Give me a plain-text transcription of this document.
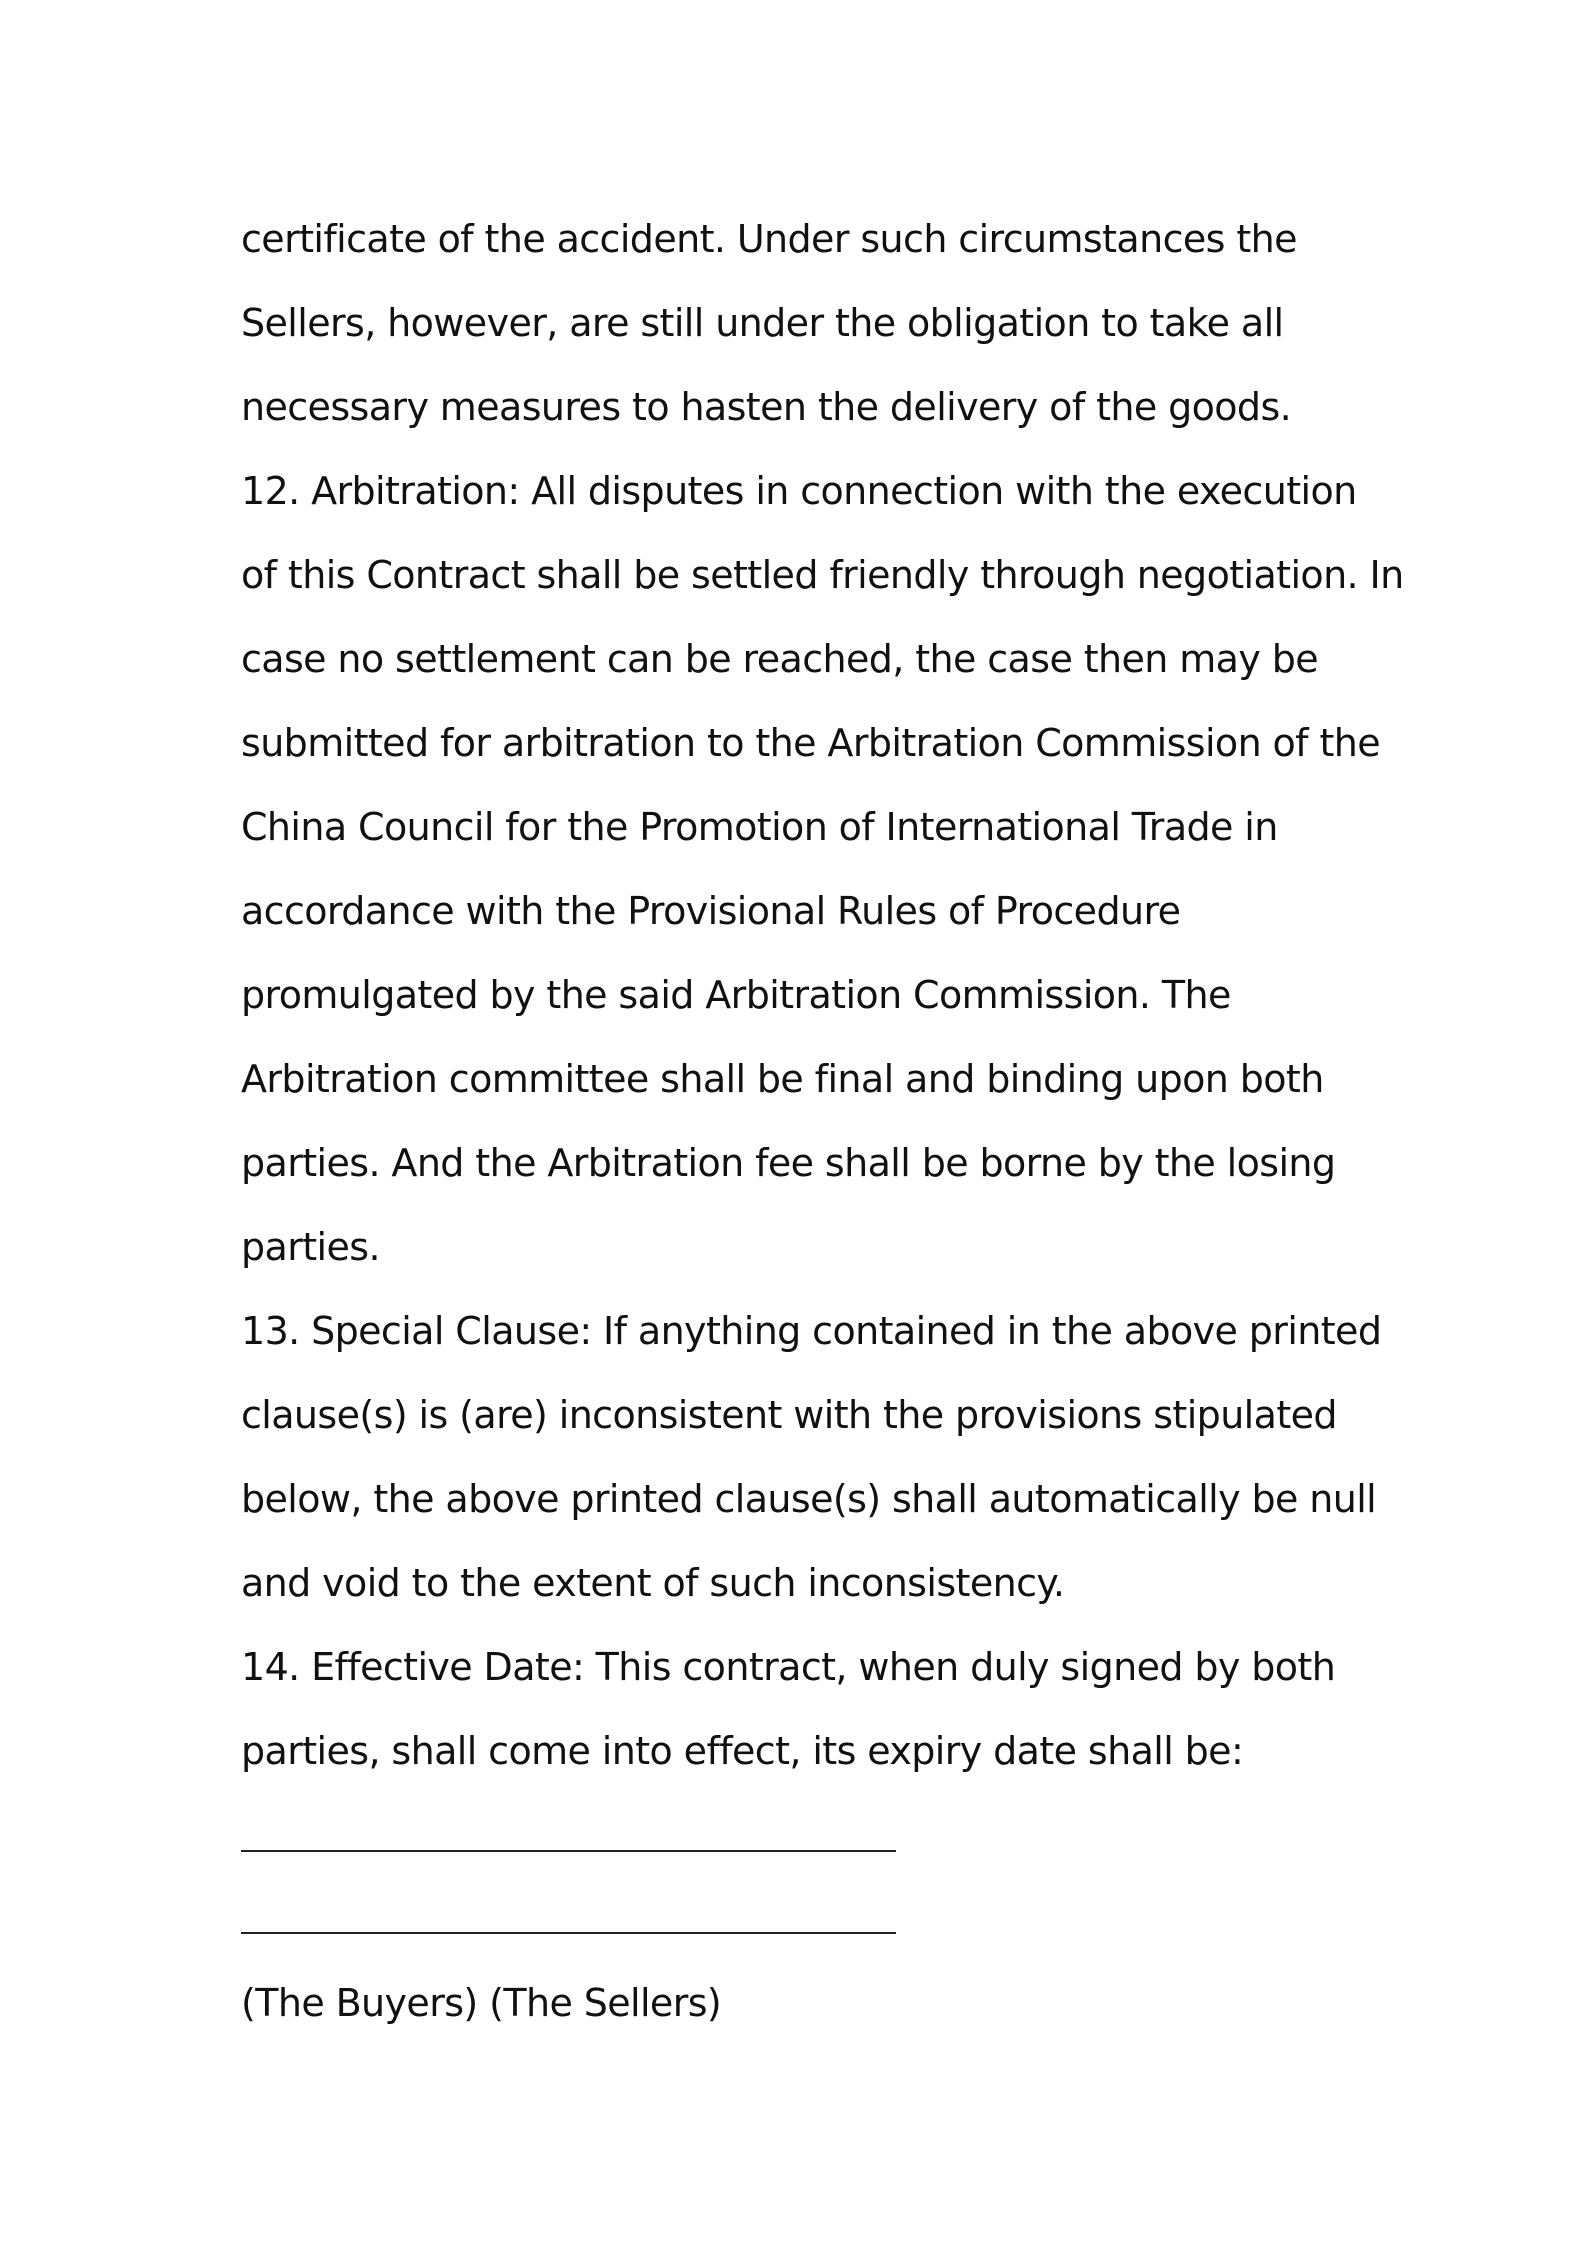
certificate of the accident. Under such circumstances the
Sellers, however, are still under the obligation to take all
necessary measures to hasten the delivery of the goods.
12. Arbitration: All disputes in connection with the execution
of this Contract shall be settled friendly through negotiation. In
case no settlement can be reached, the case then may be
submitted for arbitration to the Arbitration Commission of the
China Council for the Promotion of International Trade in
accordance with the Provisional Rules of Procedure
promulgated by the said Arbitration Commission. The
Arbitration committee shall be final and binding upon both
parties. And the Arbitration fee shall be borne by the losing
parties.
13. Special Clause: If anything contained in the above printed
clause(s) is (are) inconsistent with the provisions stipulated
below, the above printed clause(s) shall automatically be null
and void to the extent of such inconsistency.
14. Effective Date: This contract, when duly signed by both
parties, shall come into effect, its expiry date shall be:
(The Buyers) (The Sellers)
